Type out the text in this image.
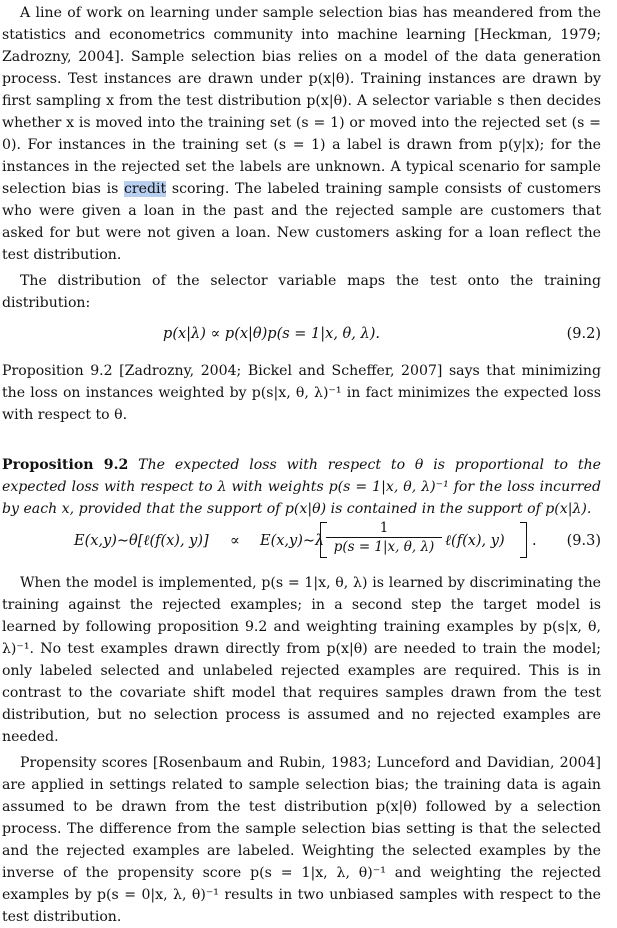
A line of work on learning under sample selection bias has meandered from the statistics and econometrics community into machine learning [Heckman, 1979; Zadrozny, 2004]. Sample selection bias relies on a model of the data generation process. Test instances are drawn under p(x|θ). Training instances are drawn by first sampling x from the test distribution p(x|θ). A selector variable s then decides whether x is moved into the training set (s = 1) or moved into the rejected set (s = 0). For instances in the training set (s = 1) a label is drawn from p(y|x); for the instances in the rejected set the labels are unknown. A typical scenario for sample selection bias is credit scoring. The labeled training sample consists of customers who were given a loan in the past and the rejected sample are customers that asked for but were not given a loan. New customers asking for a loan reflect the test distribution.

The distribution of the selector variable maps the test onto the training distribution:

p(x|λ) ∝ p(x|θ)p(s = 1|x, θ, λ).	(9.2)

Proposition 9.2 [Zadrozny, 2004; Bickel and Scheffer, 2007] says that minimizing the loss on instances weighted by p(s|x, θ, λ)⁻¹ in fact minimizes the expected loss with respect to θ.

Proposition 9.2 The expected loss with respect to θ is proportional to the expected loss with respect to λ with weights p(s = 1|x, θ, λ)⁻¹ for the loss incurred by each x, provided that the support of p(x|θ) is contained in the support of p(x|λ).

E(x,y)∼θ[ℓ(f(x), y)] ∝ E(x,y)∼λ $\frac{1}{p(s = 1|x, \theta, \lambda)}$ ℓ(f(x), y) . (9.3)

When the model is implemented, p(s = 1|x, θ, λ) is learned by discriminating the training against the rejected examples; in a second step the target model is learned by following proposition 9.2 and weighting training examples by p(s|x, θ, λ)⁻¹. No test examples drawn directly from p(x|θ) are needed to train the model; only labeled selected and unlabeled rejected examples are required. This is in contrast to the covariate shift model that requires samples drawn from the test distribution, but no selection process is assumed and no rejected examples are needed.

Propensity scores [Rosenbaum and Rubin, 1983; Lunceford and Davidian, 2004] are applied in settings related to sample selection bias; the training data is again assumed to be drawn from the test distribution p(x|θ) followed by a selection process. The difference from the sample selection bias setting is that the selected and the rejected examples are labeled. Weighting the selected examples by the inverse of the propensity score p(s = 1|x, λ, θ)⁻¹ and weighting the rejected examples by p(s = 0|x, λ, θ)⁻¹ results in two unbiased samples with respect to the test distribution.
